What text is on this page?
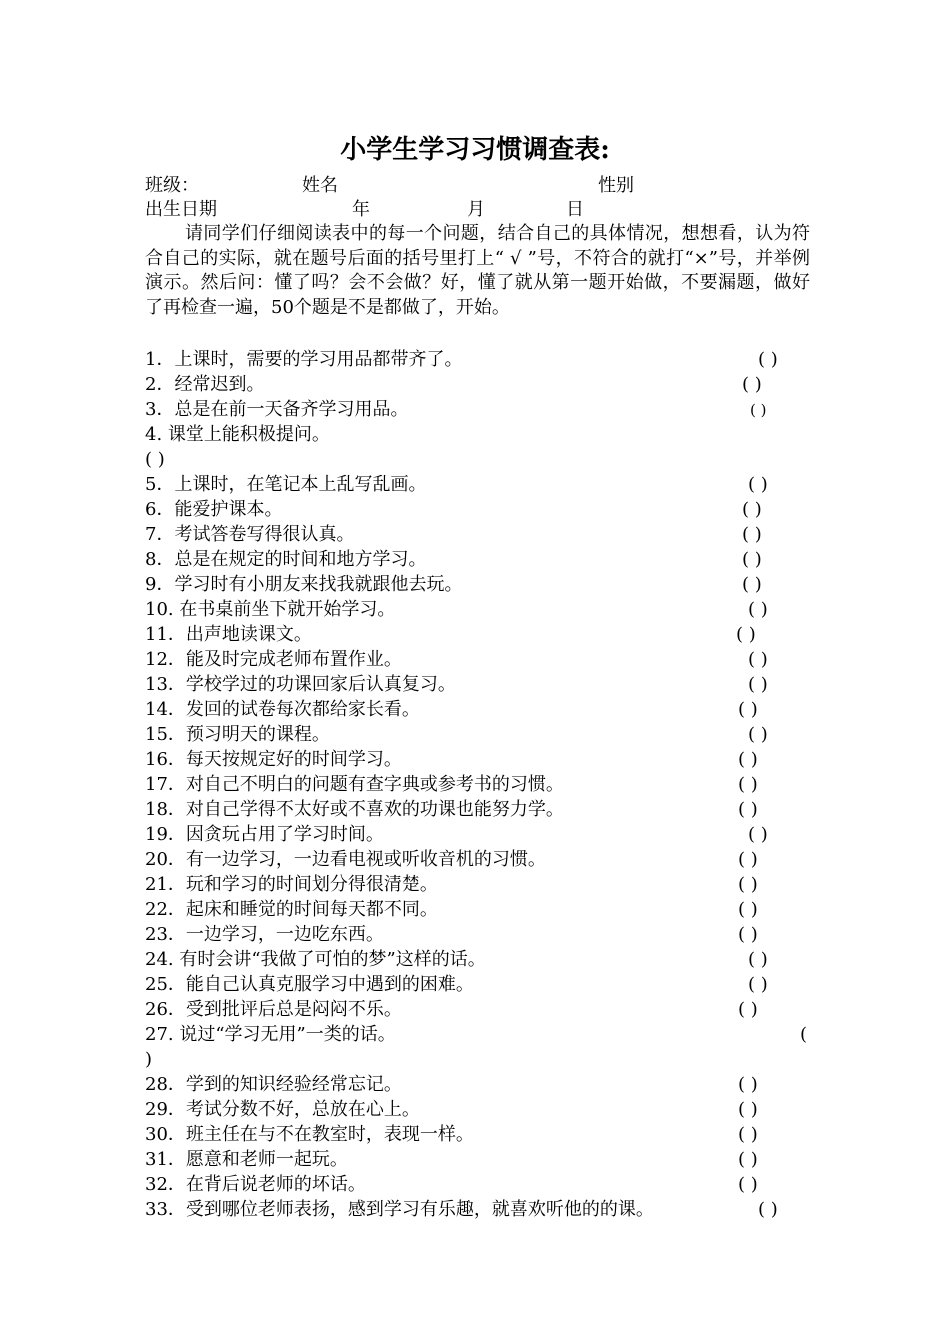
小学生学习习惯调查表:
班级：	姓名	性别
出生日期	年	月	日
请同学们仔细阅读表中的每一个问题，结合自己的具体情况，想想看，认为符合自己的实际，就在题号后面的括号里打上“ √ ”号，不符合的就打“×”号，并举例演示。然后问：懂了吗？会不会做？好，懂了就从第一题开始做，不要漏题，做好了再检查一遍，50个题是不是都做了，开始。
1．上课时，需要的学习用品都带齐了。	( )
2．经常迟到。	( )
3．总是在前一天备齐学习用品。	( )
4. 课堂上能积极提问。
( )
5．上课时，在笔记本上乱写乱画。	( )
6．能爱护课本。	( )
7．考试答卷写得很认真。	( )
8．总是在规定的时间和地方学习。	( )
9．学习时有小朋友来找我就跟他去玩。	( )
10. 在书桌前坐下就开始学习。	( )
11．出声地读课文。	( )
12．能及时完成老师布置作业。	( )
13．学校学过的功课回家后认真复习。	( )
14．发回的试卷每次都给家长看。	( )
15．预习明天的课程。	( )
16．每天按规定好的时间学习。	( )
17．对自己不明白的问题有查字典或参考书的习惯。	( )
18．对自己学得不太好或不喜欢的功课也能努力学。	( )
19．因贪玩占用了学习时间。	( )
20．有一边学习，一边看电视或听收音机的习惯。	( )
21．玩和学习的时间划分得很清楚。	( )
22．起床和睡觉的时间每天都不同。	( )
23．一边学习，一边吃东西。	( )
24. 有时会讲“我做了可怕的梦”这样的话。	( )
25．能自己认真克服学习中遇到的困难。	( )
26．受到批评后总是闷闷不乐。	( )
27. 说过“学习无用”一类的话。	(
)
28．学到的知识经验经常忘记。	( )
29．考试分数不好，总放在心上。	( )
30．班主任在与不在教室时，表现一样。	( )
31．愿意和老师一起玩。	( )
32．在背后说老师的坏话。	( )
33．受到哪位老师表扬，感到学习有乐趣，就喜欢听他的的课。	( )
